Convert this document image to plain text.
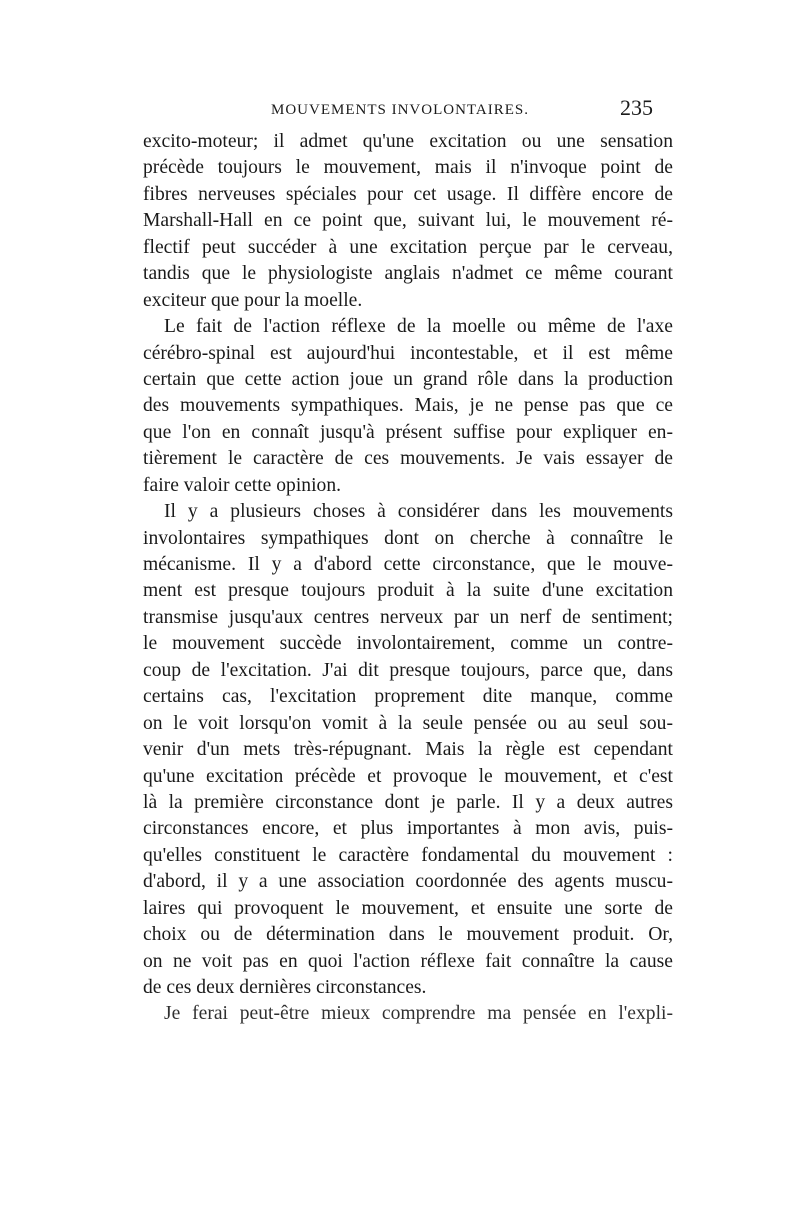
MOUVEMENTS INVOLONTAIRES.	235
excito-moteur; il admet qu'une excitation ou une sensation
précède toujours le mouvement, mais il n'invoque point de
fibres nerveuses spéciales pour cet usage. Il diffère encore de
Marshall-Hall en ce point que, suivant lui, le mouvement ré-
flectif peut succéder à une excitation perçue par le cerveau,
tandis que le physiologiste anglais n'admet ce même courant
exciteur que pour la moelle.
Le fait de l'action réflexe de la moelle ou même de l'axe
cérébro-spinal est aujourd'hui incontestable, et il est même
certain que cette action joue un grand rôle dans la production
des mouvements sympathiques. Mais, je ne pense pas que ce
que l'on en connaît jusqu'à présent suffise pour expliquer en-
tièrement le caractère de ces mouvements. Je vais essayer de
faire valoir cette opinion.
Il y a plusieurs choses à considérer dans les mouvements
involontaires sympathiques dont on cherche à connaître le
mécanisme. Il y a d'abord cette circonstance, que le mouve-
ment est presque toujours produit à la suite d'une excitation
transmise jusqu'aux centres nerveux par un nerf de sentiment;
le mouvement succède involontairement, comme un contre-
coup de l'excitation. J'ai dit presque toujours, parce que, dans
certains cas, l'excitation proprement dite manque, comme
on le voit lorsqu'on vomit à la seule pensée ou au seul sou-
venir d'un mets très-répugnant. Mais la règle est cependant
qu'une excitation précède et provoque le mouvement, et c'est
là la première circonstance dont je parle. Il y a deux autres
circonstances encore, et plus importantes à mon avis, puis-
qu'elles constituent le caractère fondamental du mouvement :
d'abord, il y a une association coordonnée des agents muscu-
laires qui provoquent le mouvement, et ensuite une sorte de
choix ou de détermination dans le mouvement produit. Or,
on ne voit pas en quoi l'action réflexe fait connaître la cause
de ces deux dernières circonstances.
Je ferai peut-être mieux comprendre ma pensée en l'expli-
